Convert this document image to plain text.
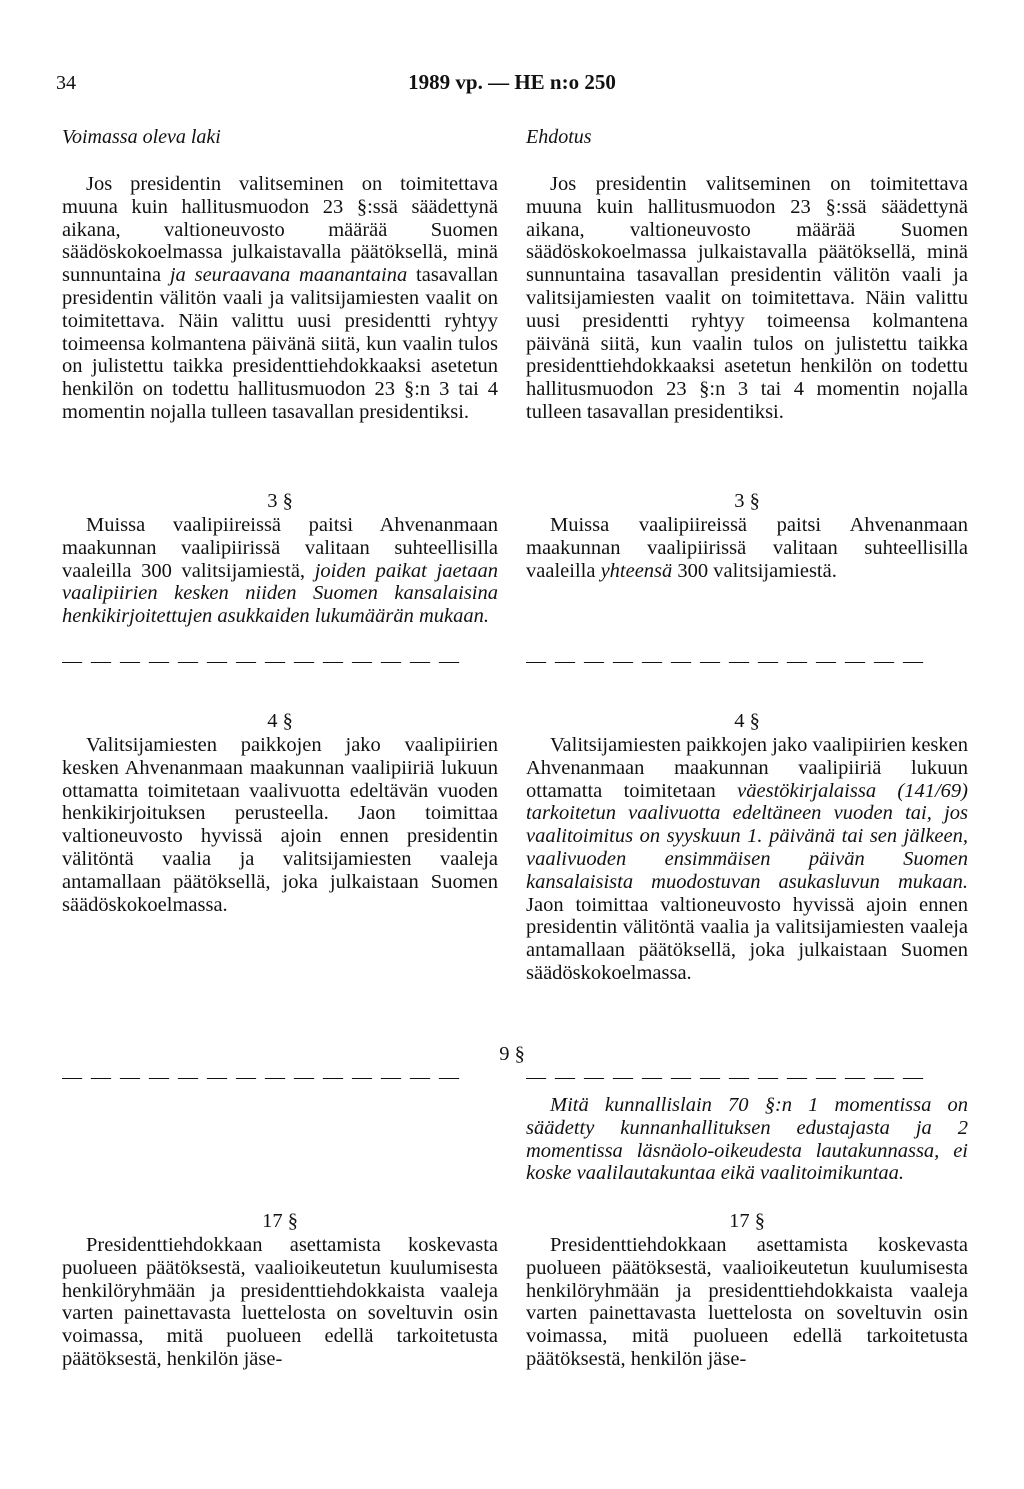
34	1989 vp. — HE n:o 250
Voimassa oleva laki	Ehdotus

Jos presidentin valitseminen on toimitettava muuna kuin hallitusmuodon 23 §:ssä säädettynä aikana, valtioneuvosto määrää Suomen säädöskokoelmassa julkaistavalla päätöksellä, minä sunnuntaina ja seuraavana maanantaina tasavallan presidentin välitön vaali ja valitsijamiesten vaalit on toimitettava. Näin valittu uusi presidentti ryhtyy toimeensa kolmantena päivänä siitä, kun vaalin tulos on julistettu taikka presidenttiehdokkaaksi asetetun henkilön on todettu hallitusmuodon 23 §:n 3 tai 4 momentin nojalla tulleen tasavallan presidentiksi.

3 §

Muissa vaalipiireissä paitsi Ahvenanmaan maakunnan vaalipiirissä valitaan suhteellisilla vaaleilla 300 valitsijamiestä, joiden paikat jaetaan vaalipiirien kesken niiden Suomen kansalaisina henkikirjoitettujen asukkaiden lukumäärän mukaan.

— — — — — — — — — — — — — —
4 §

Valitsijamiesten paikkojen jako vaalipiirien kesken Ahvenanmaan maakunnan vaalipiiriä lukuun ottamatta toimitetaan vaalivuotta edeltävän vuoden henkikirjoituksen perusteella. Jaon toimittaa valtioneuvosto hyvissä ajoin ennen presidentin välitöntä vaalia ja valitsijamiesten vaaleja antamallaan päätöksellä, joka julkaistaan Suomen säädöskokoelmassa.

— — — — — — — — — — — — — —
17 §

Presidenttiehdokkaan asettamista koskevasta puolueen päätöksestä, vaalioikeutetun kuulumisesta henkilöryhmään ja presidenttiehdokkaista vaaleja varten painettavasta luettelosta on soveltuvin osin voimassa, mitä puolueen edellä tarkoitetusta päätöksestä, henkilön jäse-

9 §

Jos presidentin valitseminen on toimitettava muuna kuin hallitusmuodon 23 §:ssä säädettynä aikana, valtioneuvosto määrää Suomen säädöskokoelmassa julkaistavalla päätöksellä, minä sunnuntaina tasavallan presidentin välitön vaali ja valitsijamiesten vaalit on toimitettava. Näin valittu uusi presidentti ryhtyy toimeensa kolmantena päivänä siitä, kun vaalin tulos on julistettu taikka presidenttiehdokkaaksi asetetun henkilön on todettu hallitusmuodon 23 §:n 3 tai 4 momentin nojalla tulleen tasavallan presidentiksi.

3 §

Muissa vaalipiireissä paitsi Ahvenanmaan maakunnan vaalipiirissä valitaan suhteellisilla vaaleilla yhteensä 300 valitsijamiestä.

— — — — — — — — — — — — — —
4 §

Valitsijamiesten paikkojen jako vaalipiirien kesken Ahvenanmaan maakunnan vaalipiiriä lukuun ottamatta toimitetaan väestökirjalaissa (141/69) tarkoitetun vaalivuotta edeltäneen vuoden tai, jos vaalitoimitus on syyskuun 1. päivänä tai sen jälkeen, vaalivuoden ensimmäisen päivän Suomen kansalaisista muodostuvan asukasluvun mukaan. Jaon toimittaa valtioneuvosto hyvissä ajoin ennen presidentin välitöntä vaalia ja valitsijamiesten vaaleja antamallaan päätöksellä, joka julkaistaan Suomen säädöskokoelmassa.

— — — — — — — — — — — — — —

Mitä kunnallislain 70 §:n 1 momentissa on säädetty kunnanhallituksen edustajasta ja 2 momentissa läsnäolo-oikeudesta lautakunnassa, ei koske vaalilautakuntaa eikä vaalitoimikuntaa.

17 §

Presidenttiehdokkaan asettamista koskevasta puolueen päätöksestä, vaalioikeutetun kuulumisesta henkilöryhmään ja presidenttiehdokkaista vaaleja varten painettavasta luettelosta on soveltuvin osin voimassa, mitä puolueen edellä tarkoitetusta päätöksestä, henkilön jäse-
